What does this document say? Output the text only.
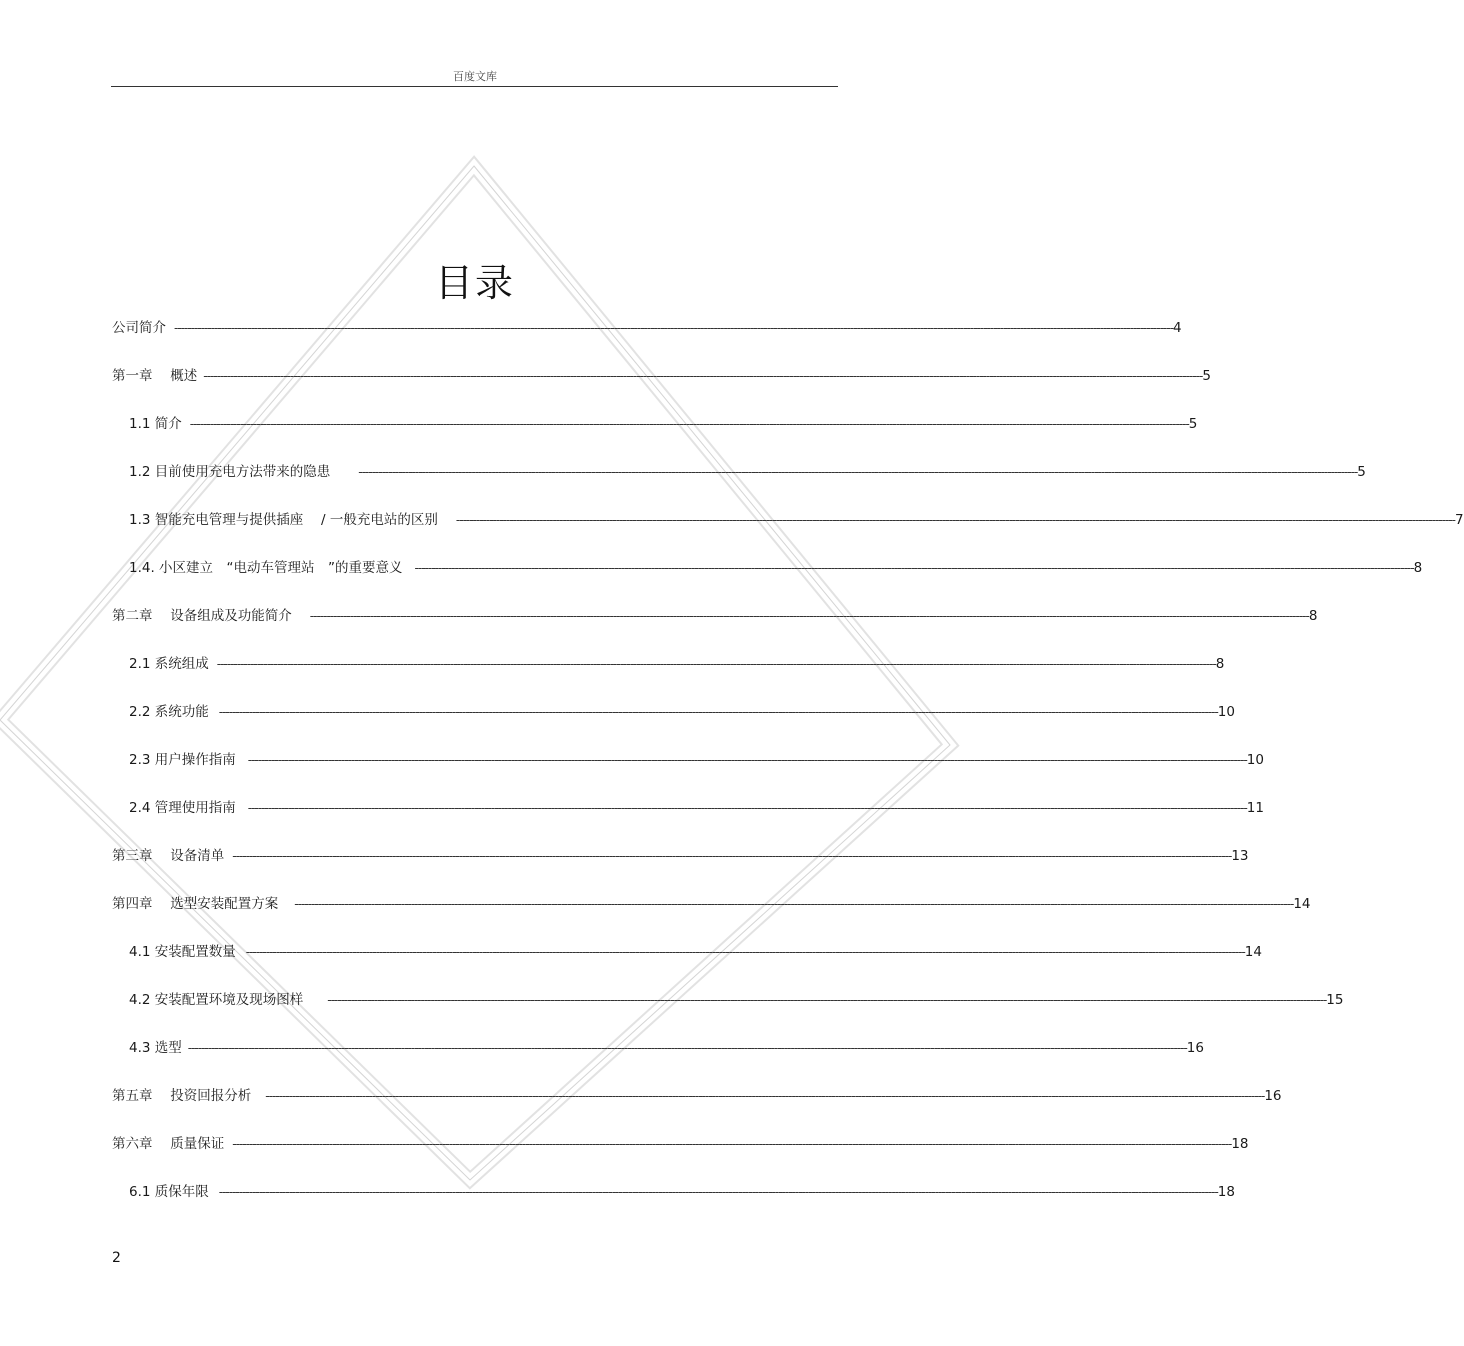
百度文库
目录
公司简介 ------------------------------------------------------------------------------------------------------------------------------------------------------------------------------------------------------------------------------------------------------------------------------------------------------------ 4
第一章　 概述 ------------------------------------------------------------------------------------------------------------------------------------------------------------------------------------------------------------------------------------------------------------------------------------------------------------ 5
1.1 简介 ------------------------------------------------------------------------------------------------------------------------------------------------------------------------------------------------------------------------------------------------------------------------------------------------------------ 5
1.2 目前使用充电方法带来的隐患 ------------------------------------------------------------------------------------------------------------------------------------------------------------------------------------------------------------------------------------------------------------------------------------------------------------ 5
1.3 智能充电管理与提供插座　 / 一般充电站的区别 ------------------------------------------------------------------------------------------------------------------------------------------------------------------------------------------------------------------------------------------------------------------------------------------------------------ 7
1.4. 小区建立　“电动车管理站　”的重要意义 ------------------------------------------------------------------------------------------------------------------------------------------------------------------------------------------------------------------------------------------------------------------------------------------------------------ 8
第二章　 设备组成及功能简介 ------------------------------------------------------------------------------------------------------------------------------------------------------------------------------------------------------------------------------------------------------------------------------------------------------------ 8
2.1 系统组成 ------------------------------------------------------------------------------------------------------------------------------------------------------------------------------------------------------------------------------------------------------------------------------------------------------------ 8
2.2 系统功能 ------------------------------------------------------------------------------------------------------------------------------------------------------------------------------------------------------------------------------------------------------------------------------------------------------------ 10
2.3 用户操作指南 ------------------------------------------------------------------------------------------------------------------------------------------------------------------------------------------------------------------------------------------------------------------------------------------------------------ 10
2.4 管理使用指南 ------------------------------------------------------------------------------------------------------------------------------------------------------------------------------------------------------------------------------------------------------------------------------------------------------------ 11
第三章　 设备清单 ------------------------------------------------------------------------------------------------------------------------------------------------------------------------------------------------------------------------------------------------------------------------------------------------------------ 13
第四章　 选型安装配置方案 ------------------------------------------------------------------------------------------------------------------------------------------------------------------------------------------------------------------------------------------------------------------------------------------------------------ 14
4.1 安装配置数量 ------------------------------------------------------------------------------------------------------------------------------------------------------------------------------------------------------------------------------------------------------------------------------------------------------------ 14
4.2 安装配置环境及现场图样 ------------------------------------------------------------------------------------------------------------------------------------------------------------------------------------------------------------------------------------------------------------------------------------------------------------ 15
4.3 选型 ------------------------------------------------------------------------------------------------------------------------------------------------------------------------------------------------------------------------------------------------------------------------------------------------------------ 16
第五章　 投资回报分析 ------------------------------------------------------------------------------------------------------------------------------------------------------------------------------------------------------------------------------------------------------------------------------------------------------------ 16
第六章　 质量保证 ------------------------------------------------------------------------------------------------------------------------------------------------------------------------------------------------------------------------------------------------------------------------------------------------------------ 18
6.1 质保年限 ------------------------------------------------------------------------------------------------------------------------------------------------------------------------------------------------------------------------------------------------------------------------------------------------------------ 18
2
